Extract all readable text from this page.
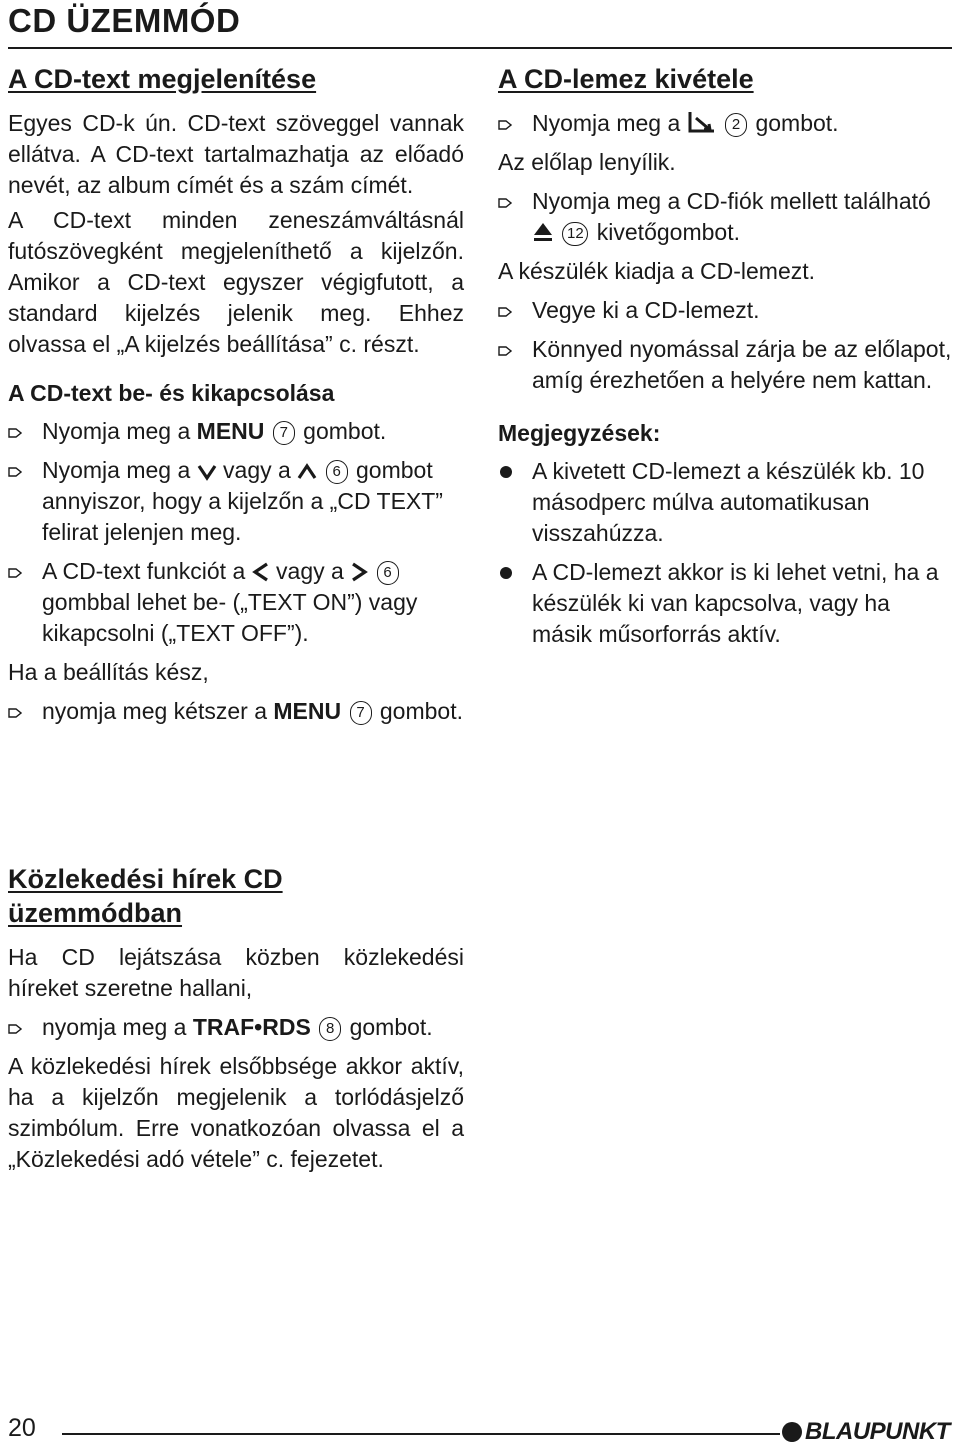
CD ÜZEMMÓD
A CD-text megjelenítése

Egyes CD-k ún. CD-text szöveggel vannak ellátva. A CD-text tartalmazhatja az előadó nevét, az album címét és a szám címét.

A CD-text minden zeneszámváltásnál futószövegként megjeleníthető a kijelzőn. Amikor a CD-text egyszer végigfutott, a standard kijelzés jelenik meg. Ehhez olvassa el „A kijelzés beállítása” c. részt.

A CD-text be- és kikapcsolása
Nyomja meg a MENU 7 gombot.
Nyomja meg a  vagy a  6 gombot annyiszor, hogy a kijelzőn a „CD TEXT” felirat jelenjen meg.
A CD-text funkciót a  vagy a  6 gombbal lehet be- („TEXT ON”) vagy kikapcsolni („TEXT OFF”).

Ha a beállítás kész,

nyomja meg kétszer a MENU 7 gombot.
Közlekedési hírek CD üzemmódban

Ha CD lejátszása közben közlekedési híreket szeretne hallani,

nyomja meg a TRAF•RDS 8 gombot.

A közlekedési hírek elsőbbsége akkor aktív, ha a kijelzőn megjelenik a torlódásjelző szimbólum. Erre vonatkozóan olvassa el a „Közlekedési adó vétele” c. fejezetet.

A CD-lemez kivétele
Nyomja meg a	2 gombot.

Az előlap lenyílik.

Nyomja meg a CD-fiók mellett található  12 kivetőgombot.

A készülék kiadja a CD-lemezt.

Vegye ki a CD-lemezt.
Könnyed nyomással zárja be az előlapot, amíg érezhetően a helyére nem kattan.
Megjegyzések:
A kivetett CD-lemezt a készülék kb. 10 másodperc múlva automatikusan visszahúzza.
A CD-lemezt akkor is ki lehet vetni, ha a készülék ki van kapcsolva, vagy ha másik műsorforrás aktív.
20	BLAUPUNKT
